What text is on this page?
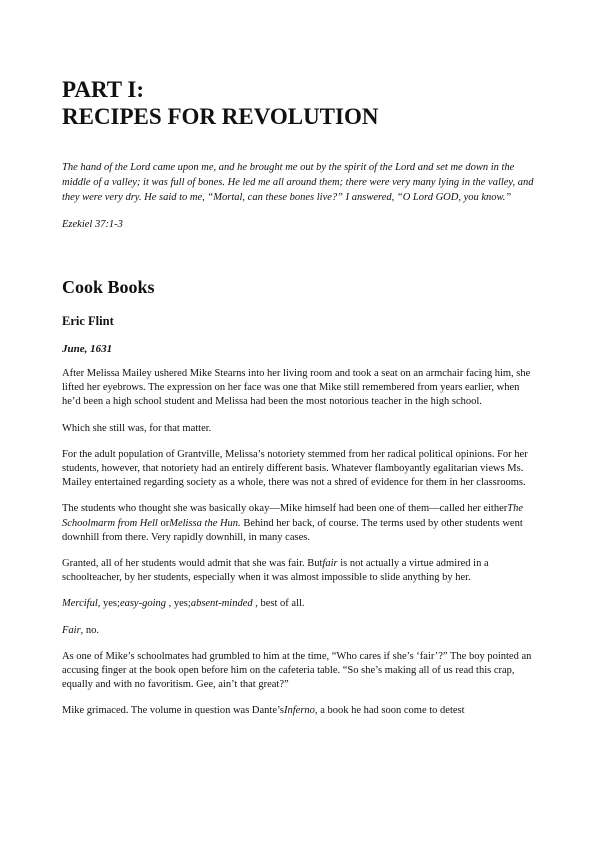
PART I:
RECIPES FOR REVOLUTION

The hand of the Lord came upon me, and he brought me out by the spirit of the Lord and set me down in the middle of a valley; it was full of bones. He led me all around them; there were very many lying in the valley, and they were very dry. He said to me, “Mortal, can these bones live?” I answered, “O Lord GOD, you know.”

Ezekiel 37:1-3

Cook Books
Eric Flint
June, 1631

After Melissa Mailey ushered Mike Stearns into her living room and took a seat on an armchair facing him, she lifted her eyebrows. The expression on her face was one that Mike still remembered from years earlier, when he’d been a high school student and Melissa had been the most notorious teacher in the high school.

Which she still was, for that matter.

For the adult population of Grantville, Melissa’s notoriety stemmed from her radical political opinions. For her students, however, that notoriety had an entirely different basis. Whatever flamboyantly egalitarian views Ms. Mailey entertained regarding society as a whole, there was not a shred of evidence for them in her classrooms.

The students who thought she was basically okay—Mike himself had been one of them—called her eitherThe Schoolmarm from Hell orMelissa the Hun. Behind her back, of course. The terms used by other students went downhill from there. Very rapidly downhill, in many cases.

Granted, all of her students would admit that she was fair. Butfair is not actually a virtue admired in a schoolteacher, by her students, especially when it was almost impossible to slide anything by her.

Merciful, yes;easy-going , yes;absent-minded , best of all.

Fair, no.

As one of Mike’s schoolmates had grumbled to him at the time, “Who cares if she’s ‘fair’?” The boy pointed an accusing finger at the book open before him on the cafeteria table. “So she’s making all of us read this crap, equally and with no favoritism. Gee, ain’t that great?”

Mike grimaced. The volume in question was Dante’sInferno, a book he had soon come to detest
